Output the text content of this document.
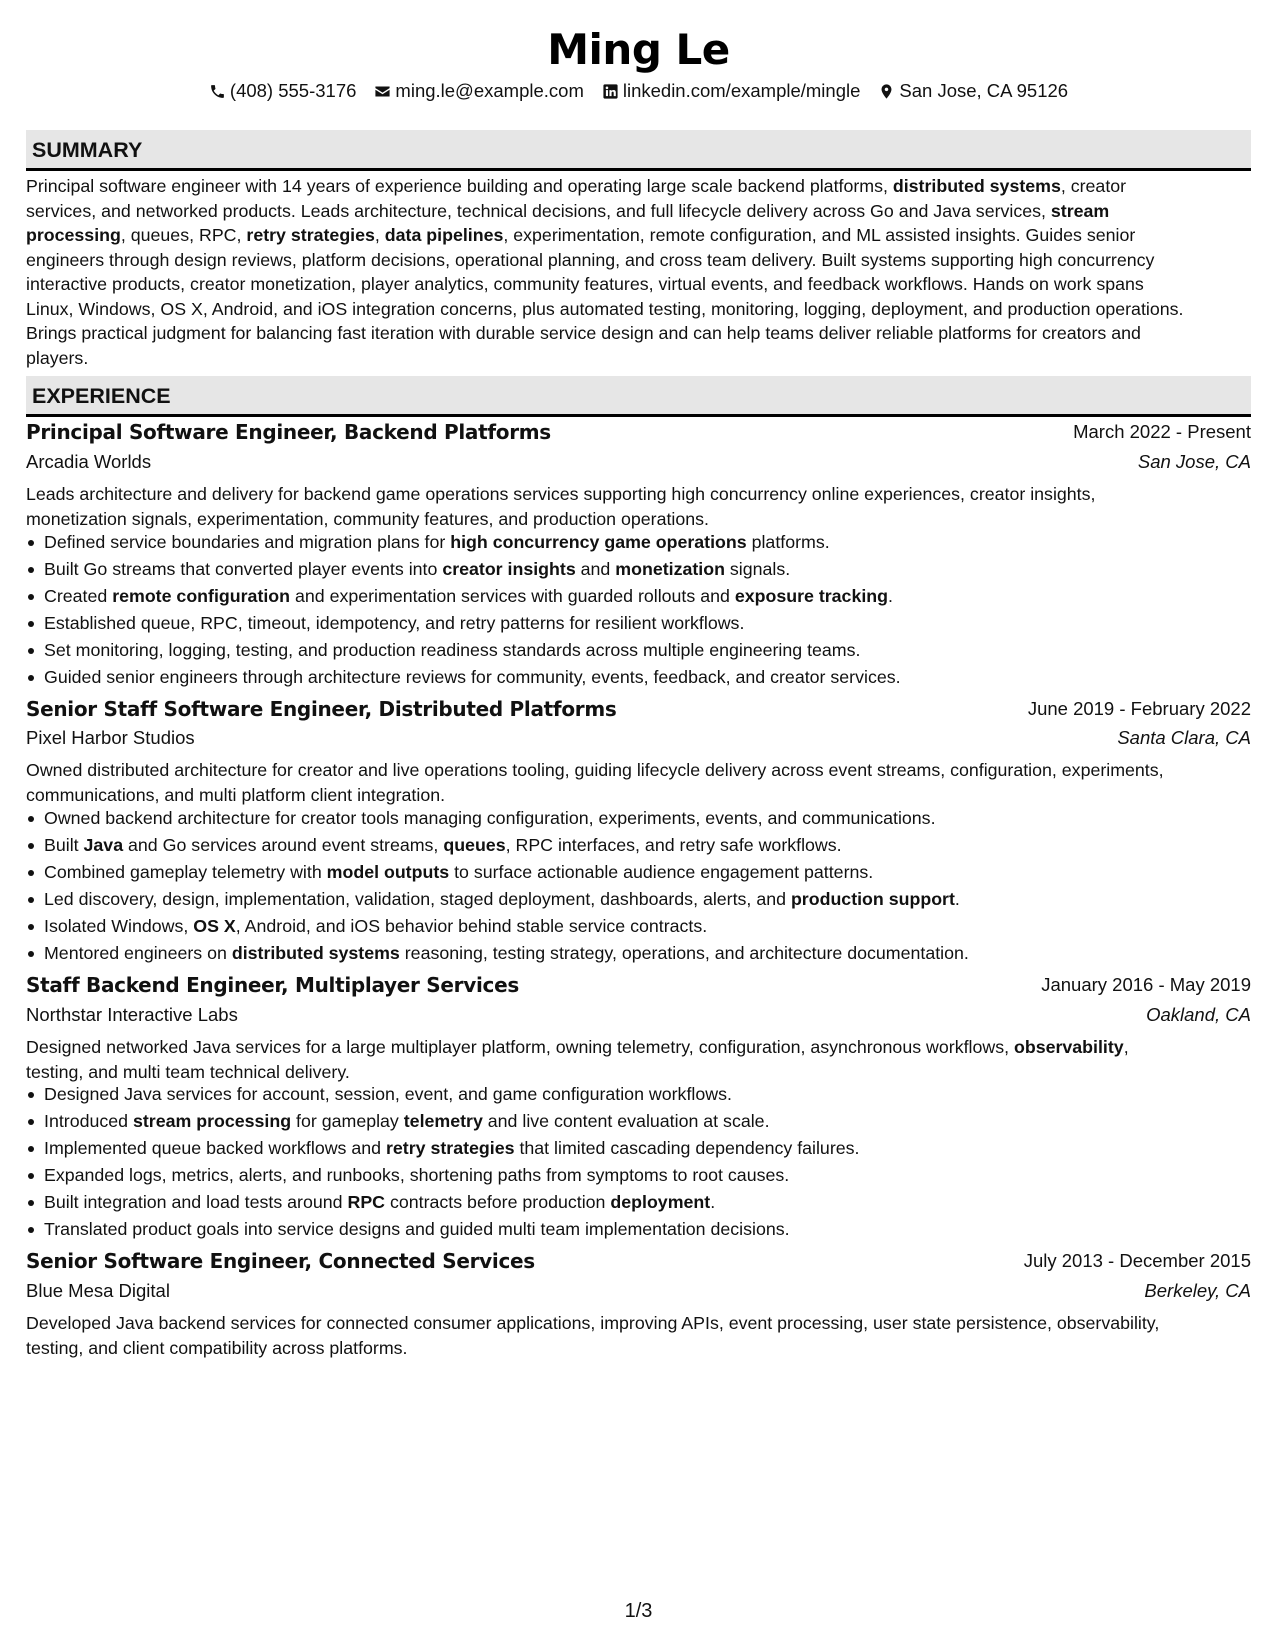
Ming Le
(408) 555-3176 ming.le@example.com linkedin.com/example/mingle San Jose, CA 95126
SUMMARY
Principal software engineer with 14 years of experience building and operating large scale backend platforms, distributed systems, creator
services, and networked products. Leads architecture, technical decisions, and full lifecycle delivery across Go and Java services, stream
processing, queues, RPC, retry strategies, data pipelines, experimentation, remote configuration, and ML assisted insights. Guides senior
engineers through design reviews, platform decisions, operational planning, and cross team delivery. Built systems supporting high concurrency
interactive products, creator monetization, player analytics, community features, virtual events, and feedback workflows. Hands on work spans
Linux, Windows, OS X, Android, and iOS integration concerns, plus automated testing, monitoring, logging, deployment, and production operations.
Brings practical judgment for balancing fast iteration with durable service design and can help teams deliver reliable platforms for creators and
players.
EXPERIENCE
Principal Software Engineer, Backend Platforms	March 2022 - Present
Arcadia Worlds	San Jose, CA
Leads architecture and delivery for backend game operations services supporting high concurrency online experiences, creator insights,
monetization signals, experimentation, community features, and production operations.
Defined service boundaries and migration plans for high concurrency game operations platforms.
Built Go streams that converted player events into creator insights and monetization signals.
Created remote configuration and experimentation services with guarded rollouts and exposure tracking.
Established queue, RPC, timeout, idempotency, and retry patterns for resilient workflows.
Set monitoring, logging, testing, and production readiness standards across multiple engineering teams.
Guided senior engineers through architecture reviews for community, events, feedback, and creator services.
Senior Staff Software Engineer, Distributed Platforms	June 2019 - February 2022
Pixel Harbor Studios	Santa Clara, CA
Owned distributed architecture for creator and live operations tooling, guiding lifecycle delivery across event streams, configuration, experiments,
communications, and multi platform client integration.
Owned backend architecture for creator tools managing configuration, experiments, events, and communications.
Built Java and Go services around event streams, queues, RPC interfaces, and retry safe workflows.
Combined gameplay telemetry with model outputs to surface actionable audience engagement patterns.
Led discovery, design, implementation, validation, staged deployment, dashboards, alerts, and production support.
Isolated Windows, OS X, Android, and iOS behavior behind stable service contracts.
Mentored engineers on distributed systems reasoning, testing strategy, operations, and architecture documentation.
Staff Backend Engineer, Multiplayer Services	January 2016 - May 2019
Northstar Interactive Labs	Oakland, CA
Designed networked Java services for a large multiplayer platform, owning telemetry, configuration, asynchronous workflows, observability,
testing, and multi team technical delivery.
Designed Java services for account, session, event, and game configuration workflows.
Introduced stream processing for gameplay telemetry and live content evaluation at scale.
Implemented queue backed workflows and retry strategies that limited cascading dependency failures.
Expanded logs, metrics, alerts, and runbooks, shortening paths from symptoms to root causes.
Built integration and load tests around RPC contracts before production deployment.
Translated product goals into service designs and guided multi team implementation decisions.
Senior Software Engineer, Connected Services	July 2013 - December 2015
Blue Mesa Digital	Berkeley, CA
Developed Java backend services for connected consumer applications, improving APIs, event processing, user state persistence, observability,
testing, and client compatibility across platforms.
1/3
